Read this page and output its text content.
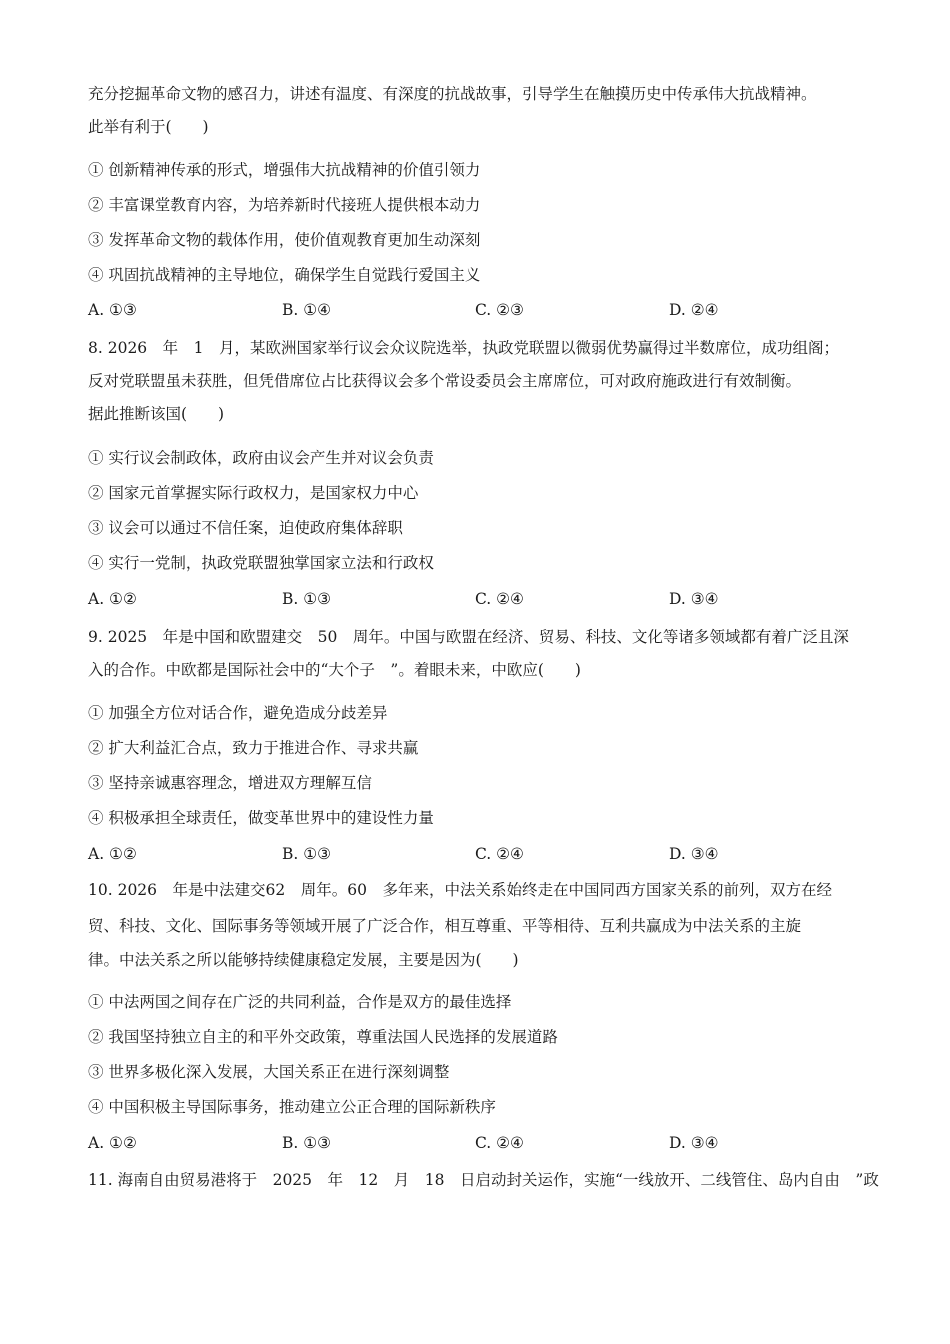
充分挖掘革命文物的感召力，讲述有温度、有深度的抗战故事，引导学生在触摸历史中传承伟大抗战精神。
此举有利于(　　)
① 创新精神传承的形式，增强伟大抗战精神的价值引领力
② 丰富课堂教育内容，为培养新时代接班人提供根本动力
③ 发挥革命文物的载体作用，使价值观教育更加生动深刻
④ 巩固抗战精神的主导地位，确保学生自觉践行爱国主义
A. ①③	B. ①④	C. ②③	D. ②④
8. 2026　年　1　月，某欧洲国家举行议会众议院选举，执政党联盟以微弱优势赢得过半数席位，成功组阁；
反对党联盟虽未获胜，但凭借席位占比获得议会多个常设委员会主席席位，可对政府施政进行有效制衡。
据此推断该国(　　)
① 实行议会制政体，政府由议会产生并对议会负责
② 国家元首掌握实际行政权力，是国家权力中心
③ 议会可以通过不信任案，迫使政府集体辞职
④ 实行一党制，执政党联盟独掌国家立法和行政权
A. ①②	B. ①③	C. ②④	D. ③④
9. 2025　年是中国和欧盟建交　50　周年。中国与欧盟在经济、贸易、科技、文化等诸多领域都有着广泛且深
入的合作。中欧都是国际社会中的“大个子　”。着眼未来，中欧应(　　)
① 加强全方位对话合作，避免造成分歧差异
② 扩大利益汇合点，致力于推进合作、寻求共赢
③ 坚持亲诚惠容理念，增进双方理解互信
④ 积极承担全球责任，做变革世界中的建设性力量
A. ①②	B. ①③	C. ②④	D. ③④
10. 2026　年是中法建交62　周年。60　多年来，中法关系始终走在中国同西方国家关系的前列，双方在经
贸、科技、文化、国际事务等领域开展了广泛合作，相互尊重、平等相待、互利共赢成为中法关系的主旋
律。中法关系之所以能够持续健康稳定发展，主要是因为(　　)
① 中法两国之间存在广泛的共同利益，合作是双方的最佳选择
② 我国坚持独立自主的和平外交政策，尊重法国人民选择的发展道路
③ 世界多极化深入发展，大国关系正在进行深刻调整
④ 中国积极主导国际事务，推动建立公正合理的国际新秩序
A. ①②	B. ①③	C. ②④	D. ③④
11. 海南自由贸易港将于　2025　年　12　月　18　日启动封关运作，实施“一线放开、二线管住、岛内自由　”政
